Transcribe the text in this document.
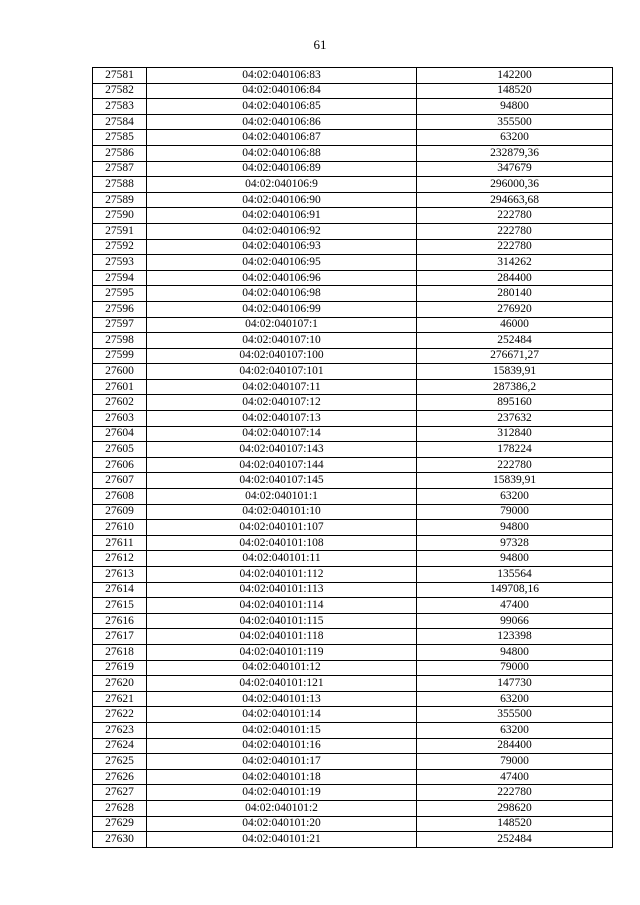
61
27581	04:02:040106:83	142200
27582	04:02:040106:84	148520
27583	04:02:040106:85	94800
27584	04:02:040106:86	355500
27585	04:02:040106:87	63200
27586	04:02:040106:88	232879,36
27587	04:02:040106:89	347679
27588	04:02:040106:9	296000,36
27589	04:02:040106:90	294663,68
27590	04:02:040106:91	222780
27591	04:02:040106:92	222780
27592	04:02:040106:93	222780
27593	04:02:040106:95	314262
27594	04:02:040106:96	284400
27595	04:02:040106:98	280140
27596	04:02:040106:99	276920
27597	04:02:040107:1	46000
27598	04:02:040107:10	252484
27599	04:02:040107:100	276671,27
27600	04:02:040107:101	15839,91
27601	04:02:040107:11	287386,2
27602	04:02:040107:12	895160
27603	04:02:040107:13	237632
27604	04:02:040107:14	312840
27605	04:02:040107:143	178224
27606	04:02:040107:144	222780
27607	04:02:040107:145	15839,91
27608	04:02:040101:1	63200
27609	04:02:040101:10	79000
27610	04:02:040101:107	94800
27611	04:02:040101:108	97328
27612	04:02:040101:11	94800
27613	04:02:040101:112	135564
27614	04:02:040101:113	149708,16
27615	04:02:040101:114	47400
27616	04:02:040101:115	99066
27617	04:02:040101:118	123398
27618	04:02:040101:119	94800
27619	04:02:040101:12	79000
27620	04:02:040101:121	147730
27621	04:02:040101:13	63200
27622	04:02:040101:14	355500
27623	04:02:040101:15	63200
27624	04:02:040101:16	284400
27625	04:02:040101:17	79000
27626	04:02:040101:18	47400
27627	04:02:040101:19	222780
27628	04:02:040101:2	298620
27629	04:02:040101:20	148520
27630	04:02:040101:21	252484
